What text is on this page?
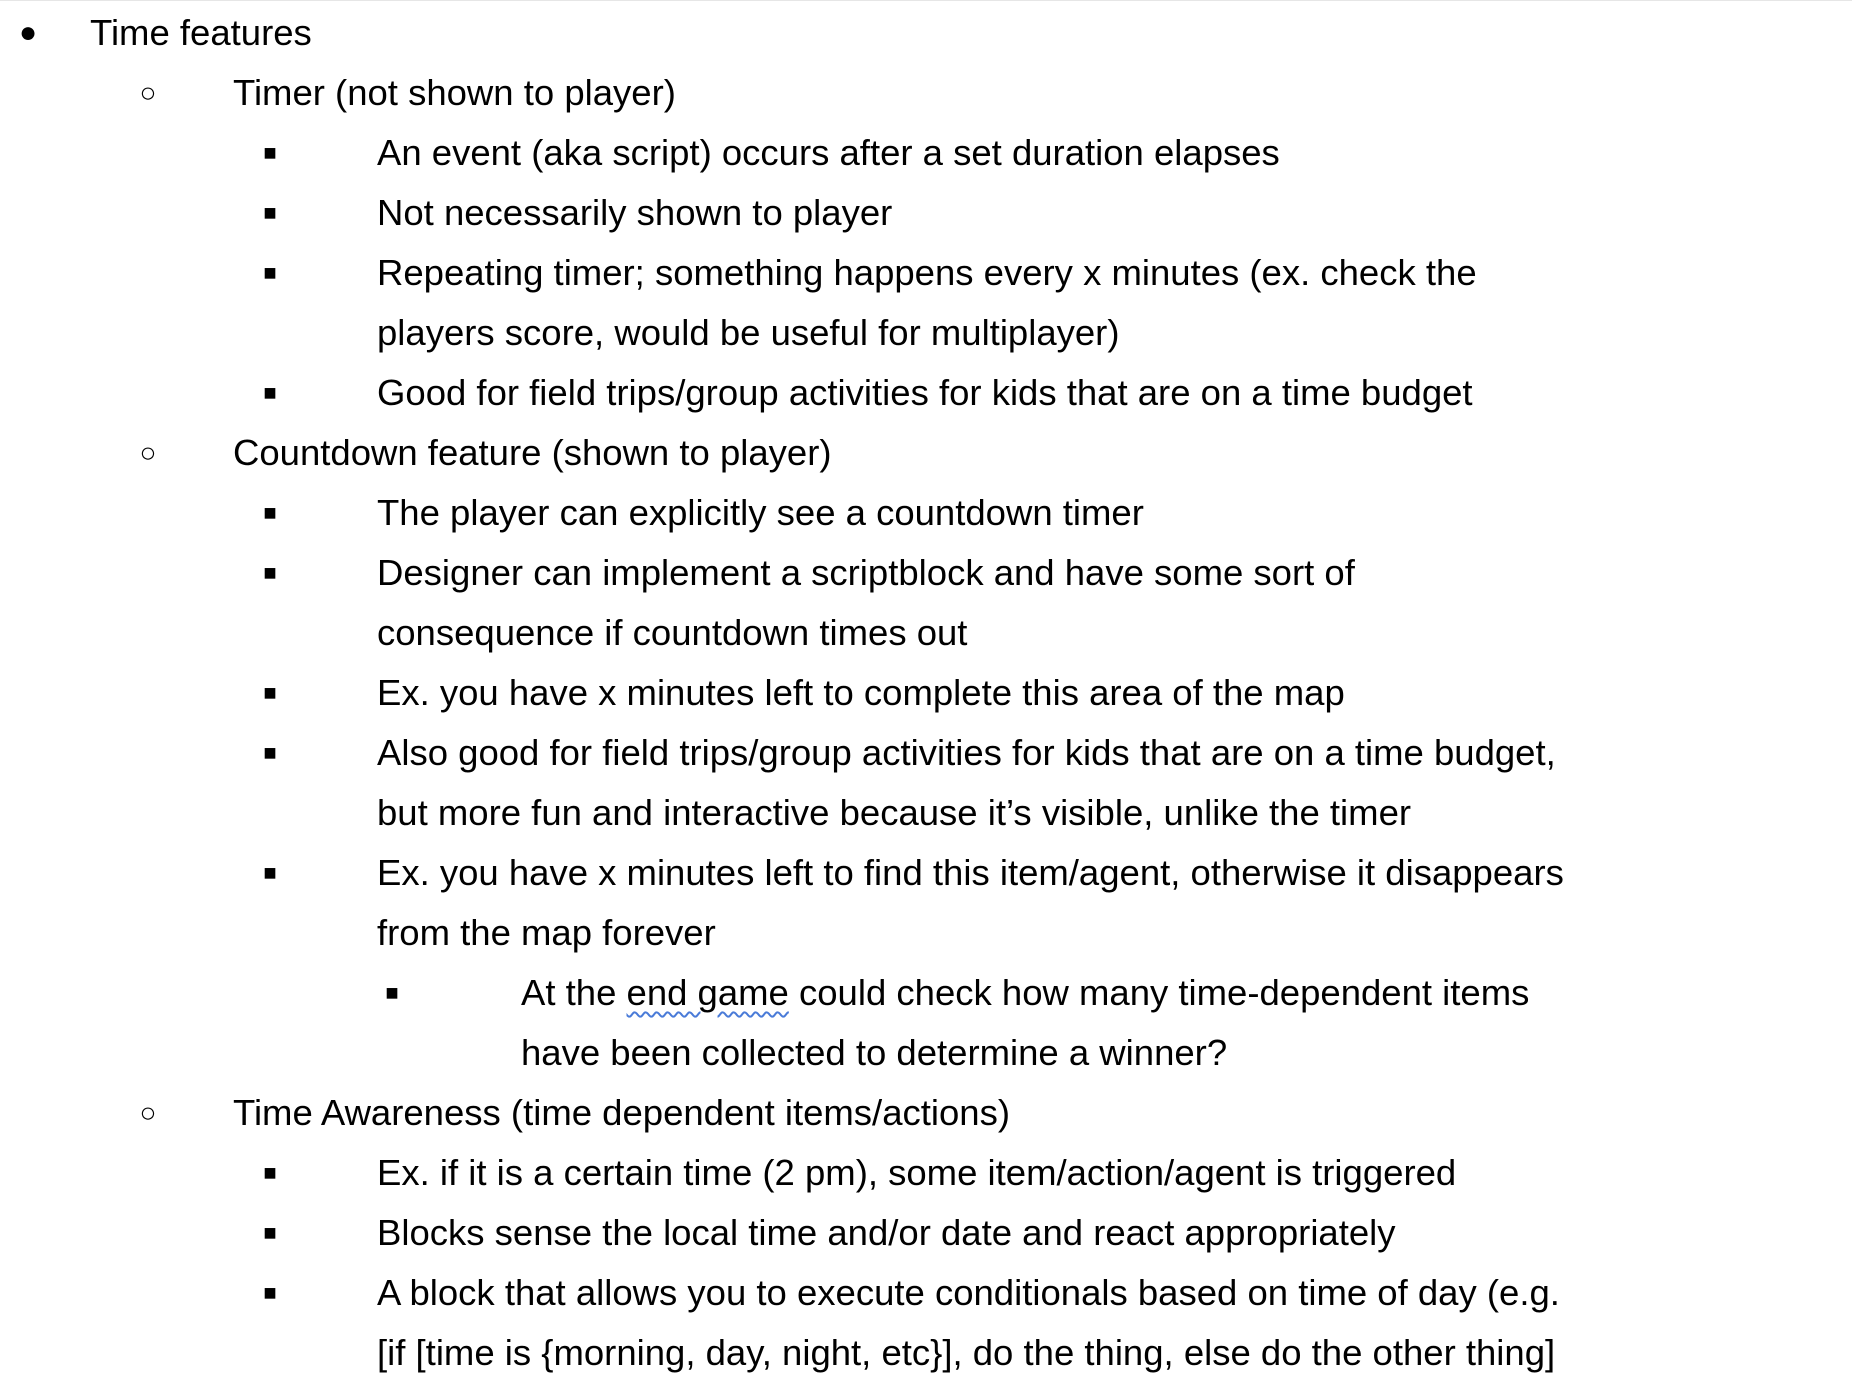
● Time features
○	Timer (not shown to player)
■	An event (aka script) occurs after a set duration elapses
■	Not necessarily shown to player
■	Repeating timer; something happens every x minutes (ex. check the
players score, would be useful for multiplayer)
■	Good for field trips/group activities for kids that are on a time budget
○	Countdown feature (shown to player)
■	The player can explicitly see a countdown timer
■	Designer can implement a scriptblock and have some sort of
consequence if countdown times out
■	Ex. you have x minutes left to complete this area of the map
■	Also good for field trips/group activities for kids that are on a time budget,
but more fun and interactive because it’s visible, unlike the timer
■	Ex. you have x minutes left to find this item/agent, otherwise it disappears
from the map forever
■	At the end game could check how many time-dependent items
have been collected to determine a winner?
○	Time Awareness (time dependent items/actions)
■	Ex. if it is a certain time (2 pm), some item/action/agent is triggered
■	Blocks sense the local time and/or date and react appropriately
■	A block that allows you to execute conditionals based on time of day (e.g.
[if [time is {morning, day, night, etc}], do the thing, else do the other thing]
